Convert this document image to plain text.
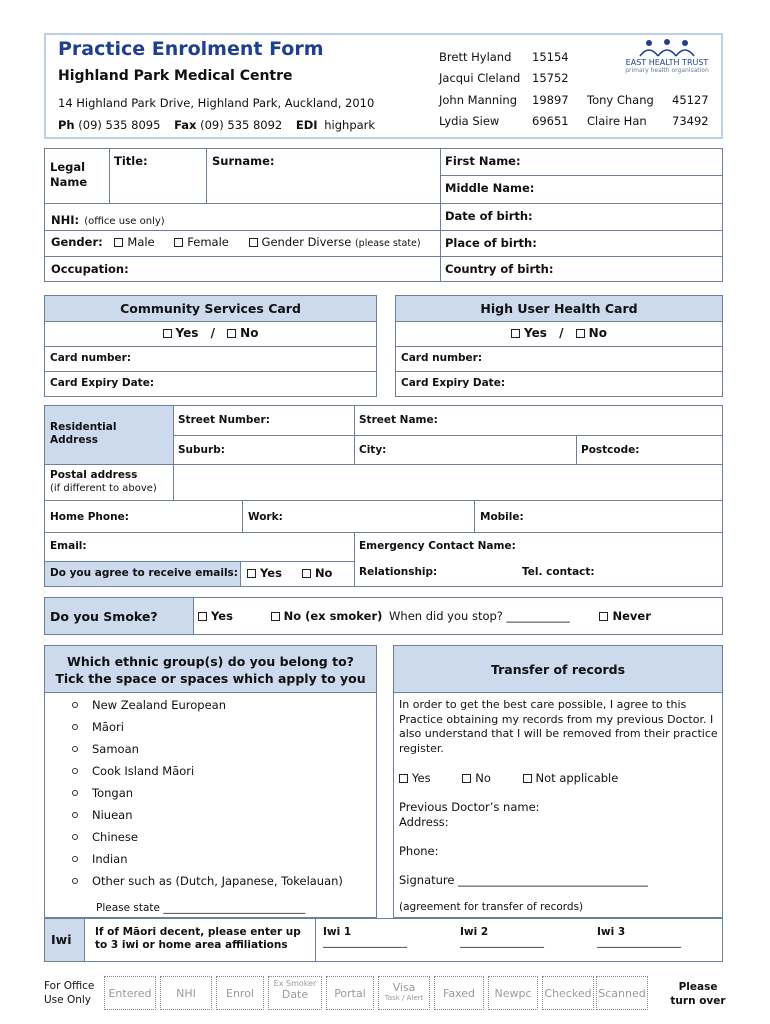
Practice Enrolment Form
Highland Park Medical Centre
14 Highland Park Drive, Highland Park, Auckland, 2010
Ph (09) 535 8095 Fax (09) 535 8092 EDI highpark
Brett Hyland 15154
Jacqui Cleland 15752
John Manning 19897
Lydia Siew	69651
Tony Chang 45127
Claire Han 73492
EAST HEALTH TRUST
primary health organisation
Legal Name
Title:	Surname:	First Name:
Middle Name:
NHI: (office use only)	Date of birth:
Gender: Male	Female	Gender Diverse (please state) Place of birth:
Occupation:	Country of birth:
Community Services Card
Yes / No
Card number:
Card Expiry Date:
High User Health Card
Yes / No
Card number:
Card Expiry Date:
Residential Address
Street Number:	Street Name:
Suburb:	City:	Postcode:
Postal address
(if different to above)
Home Phone:	Work:	Mobile:
Email:	Emergency Contact Name:
Do you agree to receive emails:	Yes	No	Relationship:	Tel. contact:
Do you Smoke?	Yes	No (ex smoker) When did you stop? ___________	Never
Which ethnic group(s) do you belong to?
Tick the space or spaces which apply to you
New Zealand European
Māori
Samoan
Cook Island Māori
Tongan
Niuean
Chinese
Indian
Other such as (Dutch, Japanese, Tokelauan)
Please state ___________________________
Transfer of records
In order to get the best care possible, I agree to this Practice obtaining my records from my previous Doctor. I also understand that I will be removed from their practice register.
Yes	No	Not applicable
Previous Doctor’s name:
Address:
Phone:
Signature _________________________________
(agreement for transfer of records)
Iwi If of Māori decent, please enter up to 3 iwi or home area affiliations
Iwi 1
________________
Iwi 2
________________
Iwi 3
________________
For Office Use Only	Entered	NHI	Enrol
Ex Smoker
Date	Portal	Visa
Task / Alert	Faxed	Newpc	Checked Scanned	Please turn over
